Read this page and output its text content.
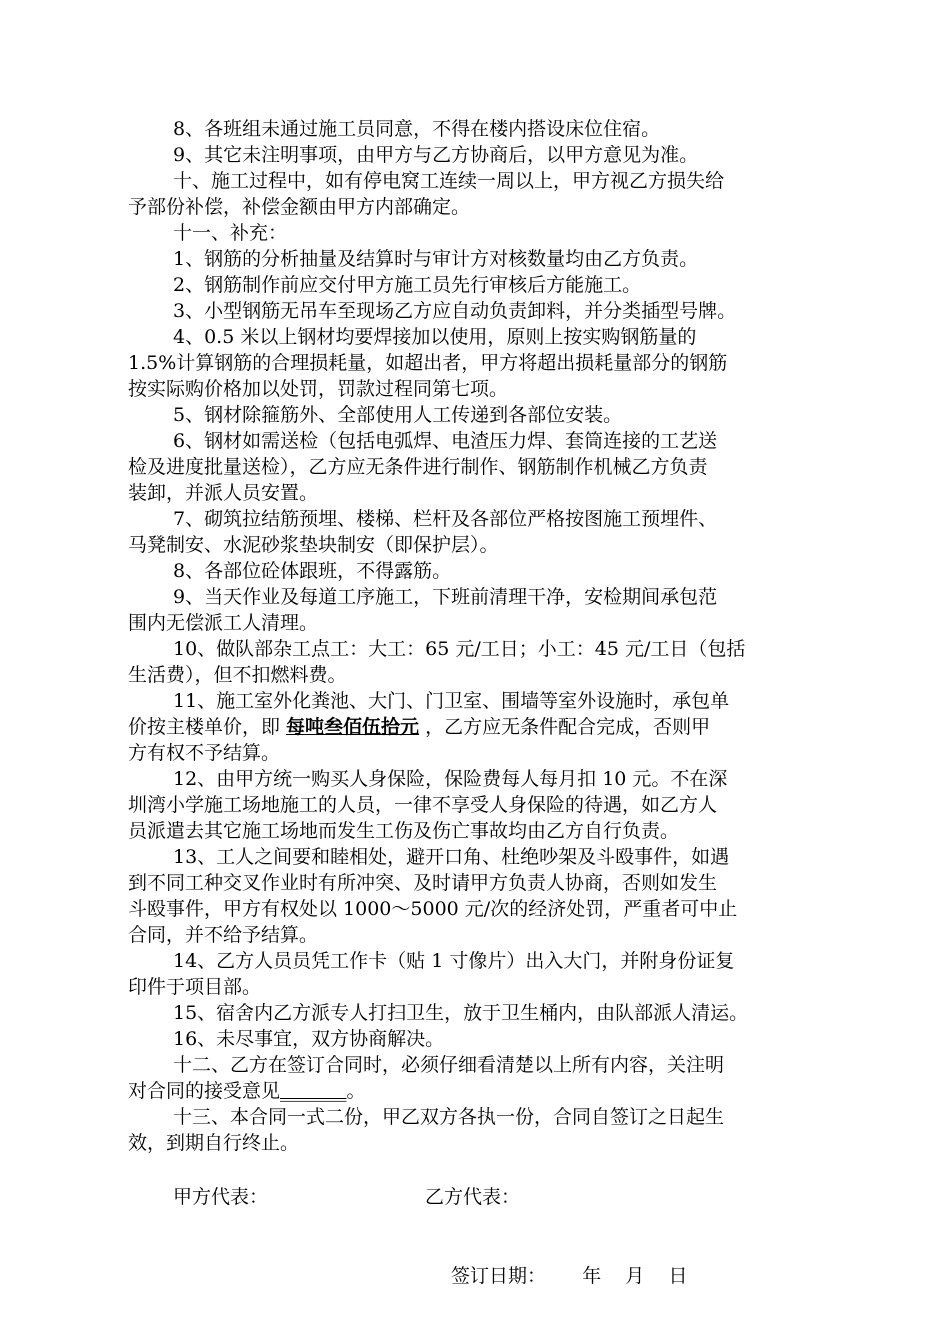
8、各班组未通过施工员同意，不得在楼内搭设床位住宿。
9、其它未注明事项，由甲方与乙方协商后，以甲方意见为准。
十、施工过程中，如有停电窝工连续一周以上，甲方视乙方损失给
予部份补偿，补偿金额由甲方内部确定。
十一、补充：
1、钢筋的分析抽量及结算时与审计方对核数量均由乙方负责。
2、钢筋制作前应交付甲方施工员先行审核后方能施工。
3、小型钢筋无吊车至现场乙方应自动负责卸料，并分类插型号牌。
4、0.5 米以上钢材均要焊接加以使用，原则上按实购钢筋量的
1.5%计算钢筋的合理损耗量，如超出者，甲方将超出损耗量部分的钢筋
按实际购价格加以处罚，罚款过程同第七项。
5、钢材除箍筋外、全部使用人工传递到各部位安装。
6、钢材如需送检（包括电弧焊、电渣压力焊、套筒连接的工艺送
检及进度批量送检），乙方应无条件进行制作、钢筋制作机械乙方负责
装卸，并派人员安置。
7、砌筑拉结筋预埋、楼梯、栏杆及各部位严格按图施工预埋件、
马凳制安、水泥砂浆垫块制安（即保护层）。
8、各部位砼体跟班，不得露筋。
9、当天作业及每道工序施工，下班前清理干净，安检期间承包范
围内无偿派工人清理。
10、做队部杂工点工：大工：65 元/工日；小工：45 元/工日（包括
生活费），但不扣燃料费。
11、施工室外化粪池、大门、门卫室、围墙等室外设施时，承包单
价按主楼单价，即 每吨叁佰伍拾元 ，乙方应无条件配合完成，否则甲
方有权不予结算。
12、由甲方统一购买人身保险，保险费每人每月扣 10 元。不在深
圳湾小学施工场地施工的人员，一律不享受人身保险的待遇，如乙方人
员派遣去其它施工场地而发生工伤及伤亡事故均由乙方自行负责。
13、工人之间要和睦相处，避开口角、杜绝吵架及斗殴事件，如遇
到不同工种交叉作业时有所冲突、及时请甲方负责人协商，否则如发生
斗殴事件，甲方有权处以 1000～5000 元/次的经济处罚，严重者可中止
合同，并不给予结算。
14、乙方人员员凭工作卡（贴 1 寸像片）出入大门，并附身份证复
印件于项目部。
15、宿舍内乙方派专人打扫卫生，放于卫生桶内，由队部派人清运。
16、未尽事宜，双方协商解决。
十二、乙方在签订合同时，必须仔细看清楚以上所有内容，关注明
对合同的接受意见_______。
十三、本合同一式二份，甲乙双方各执一份，合同自签订之日起生
效，到期自行终止。
甲方代表：	乙方代表：
签订日期：      年    月    日
